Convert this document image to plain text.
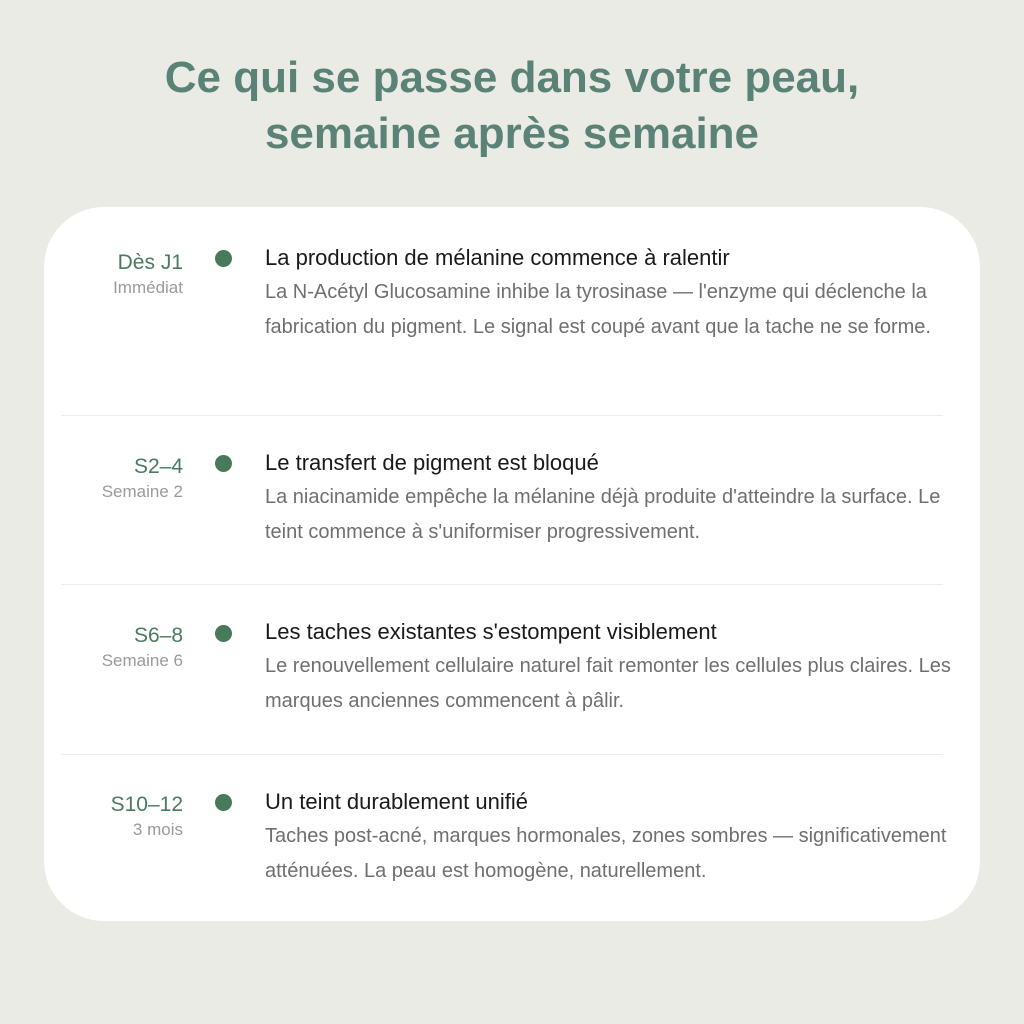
Ce qui se passe dans votre peau,
semaine après semaine
Dès J1
Immédiat
La production de mélanine commence à ralentir
La N-Acétyl Glucosamine inhibe la tyrosinase — l'enzyme qui déclenche la fabrication du pigment. Le signal est coupé avant que la tache ne se forme.
S2–4
Semaine 2
Le transfert de pigment est bloqué
La niacinamide empêche la mélanine déjà produite d'atteindre la surface. Le teint commence à s'uniformiser progressivement.
S6–8
Semaine 6
Les taches existantes s'estompent visiblement
Le renouvellement cellulaire naturel fait remonter les cellules plus claires. Les marques anciennes commencent à pâlir.
S10–12
3 mois
Un teint durablement unifié
Taches post-acné, marques hormonales, zones sombres — significativement atténuées. La peau est homogène, naturellement.
